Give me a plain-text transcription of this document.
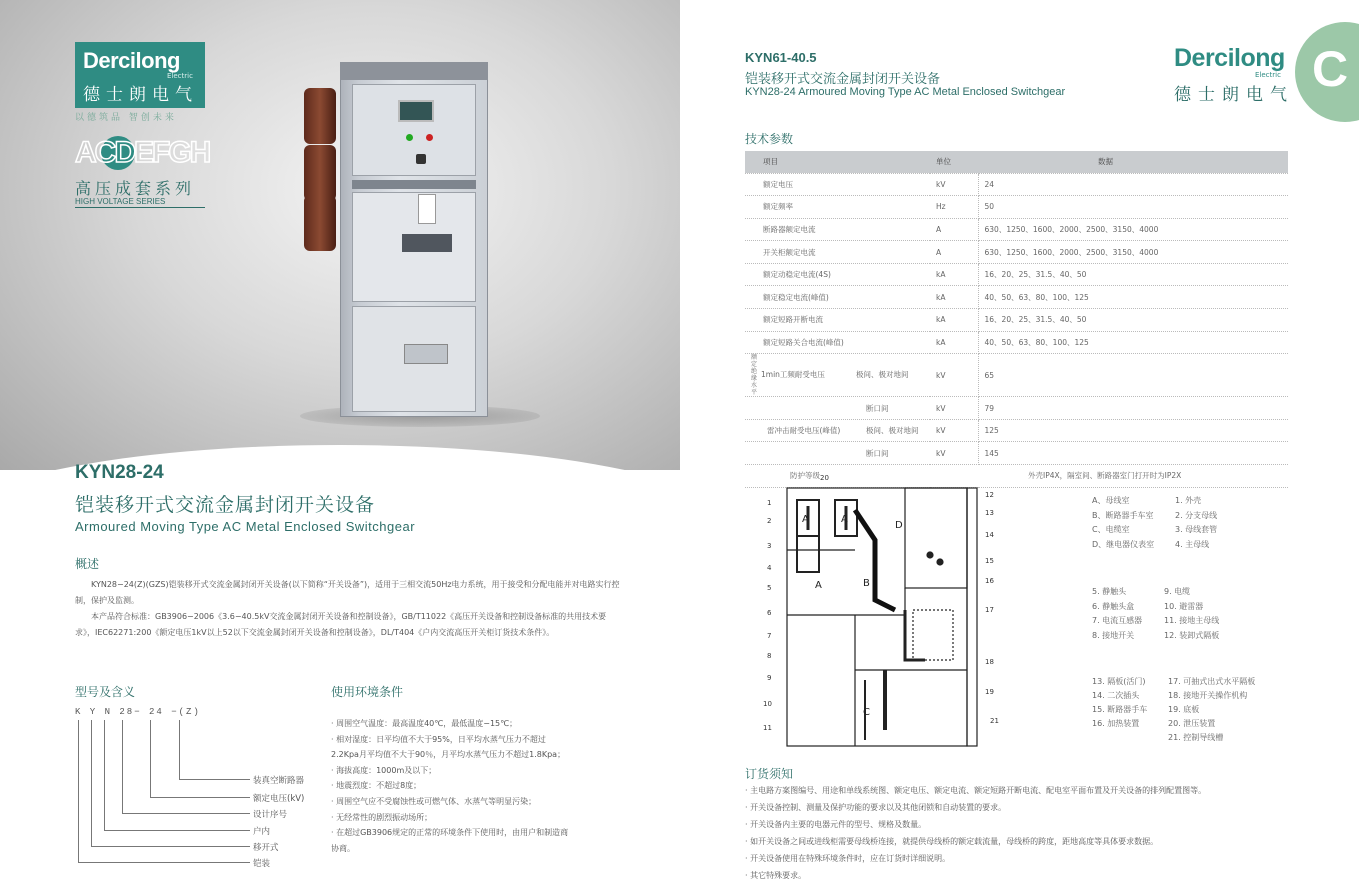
Dercilong
Electric
德士朗电气
以德筑品 智创未来
ACDEFGH
高压成套系列
HIGH VOLTAGE SERIES
KYN28-24
铠装移开式交流金属封闭开关设备
Armoured Moving Type AC Metal Enclosed Switchgear
概述
KYN28−24(Z)(GZS)铠装移开式交流金属封闭开关设备(以下简称“开关设备”)，适用于三相交流50Hz电力系统，用于接受和分配电能并对电路实行控制，保护及监测。
本产品符合标准：GB3906−2006《3.6−40.5kV交流金属封闭开关设备和控制设备》，GB/T11022《高压开关设备和控制设备标准的共用技术要求》，IEC62271:200《额定电压1kV以上52以下交流金属封闭开关设备和控制设备》，DL/T404《户内交流高压开关柜订货技术条件》。
型号及含义
K Y N 28− 24 −(Z)
装真空断路器
额定电压(kV)
设计序号
户内
移开式
铠装
使用环境条件
· 周围空气温度：最高温度40℃，最低温度−15℃；
· 相对湿度：日平均值不大于95%，日平均水蒸气压力不超过
2.2Kpa月平均值不大于90％，月平均水蒸气压力不超过1.8Kpa；
· 海拔高度：1000m及以下；
· 地震烈度：不超过8度；
· 周围空气应不受腐蚀性或可燃气体、水蒸气等明显污染；
· 无经常性的剧烈振动场所；
· 在超过GB3906规定的正常的环境条件下使用时，由用户和制造商
协商。
KYN61-40.5
铠装移开式交流金属封闭开关设备
KYN28-24 Armoured Moving Type AC Metal Enclosed Switchgear
Dercilong
Electric
德士朗电气 C
技术参数
项目	单位	数据
额定电压	kV	24
额定频率	Hz	50
断路器额定电流	A	630、1250、1600、2000、2500、3150、4000
开关柜额定电流	A	630、1250、1600、2000、2500、3150、4000
额定动稳定电流(4S)	kA	16、20、25、31.5、40、50
额定稳定电流(峰值)	kA	40、50、63、80、100、125
额定短路开断电流	kA	16、20、25、31.5、40、50
额定短路关合电流(峰值)	kA	40、50、63、80、100、125
额定绝缘水平1min工频耐受电压 极间、极对地间	kV	65
断口间	kV	79
雷冲击耐受电压(峰值) 极间、极对地间	kV	125
断口间	kV	145
防护等级		外壳IP4X，隔室间、断路器室门打开时为IP2X
1
2
3
4
5
6
7
8
9
10
11
20
12
13
14
15
16
17
18
19
21
A	A
A	B
C
D
A、母线室
B、断路器手车室
C、电缆室
D、继电器仪表室
1. 外壳
2. 分支母线
3. 母线套管
4. 主母线
5. 静触头
6. 静触头盒
7. 电流互感器
8. 接地开关
9. 电缆
10. 避雷器
11. 接地主母线
12. 装卸式隔板
13. 隔板(活门)
14. 二次插头
15. 断路器手车
16. 加热装置
17. 可抽式出式水平隔板
18. 接地开关操作机构
19. 底板
20. 泄压装置
21. 控制导线槽
订货须知
· 主电路方案图编号、用途和单线系统图、额定电压、额定电流、额定短路开断电流、配电室平面布置及开关设备的排列配置图等。
· 开关设备控制、测量及保护功能的要求以及其他闭锁和自动装置的要求。
· 开关设备内主要的电器元件的型号、规格及数量。
· 如开关设备之间或进线柜需要母线桥连接，就提供母线桥的额定载流量，母线桥的跨度，距地高度等具体要求数据。
· 开关设备使用在特殊环境条件时，应在订货时详细说明。
· 其它特殊要求。
